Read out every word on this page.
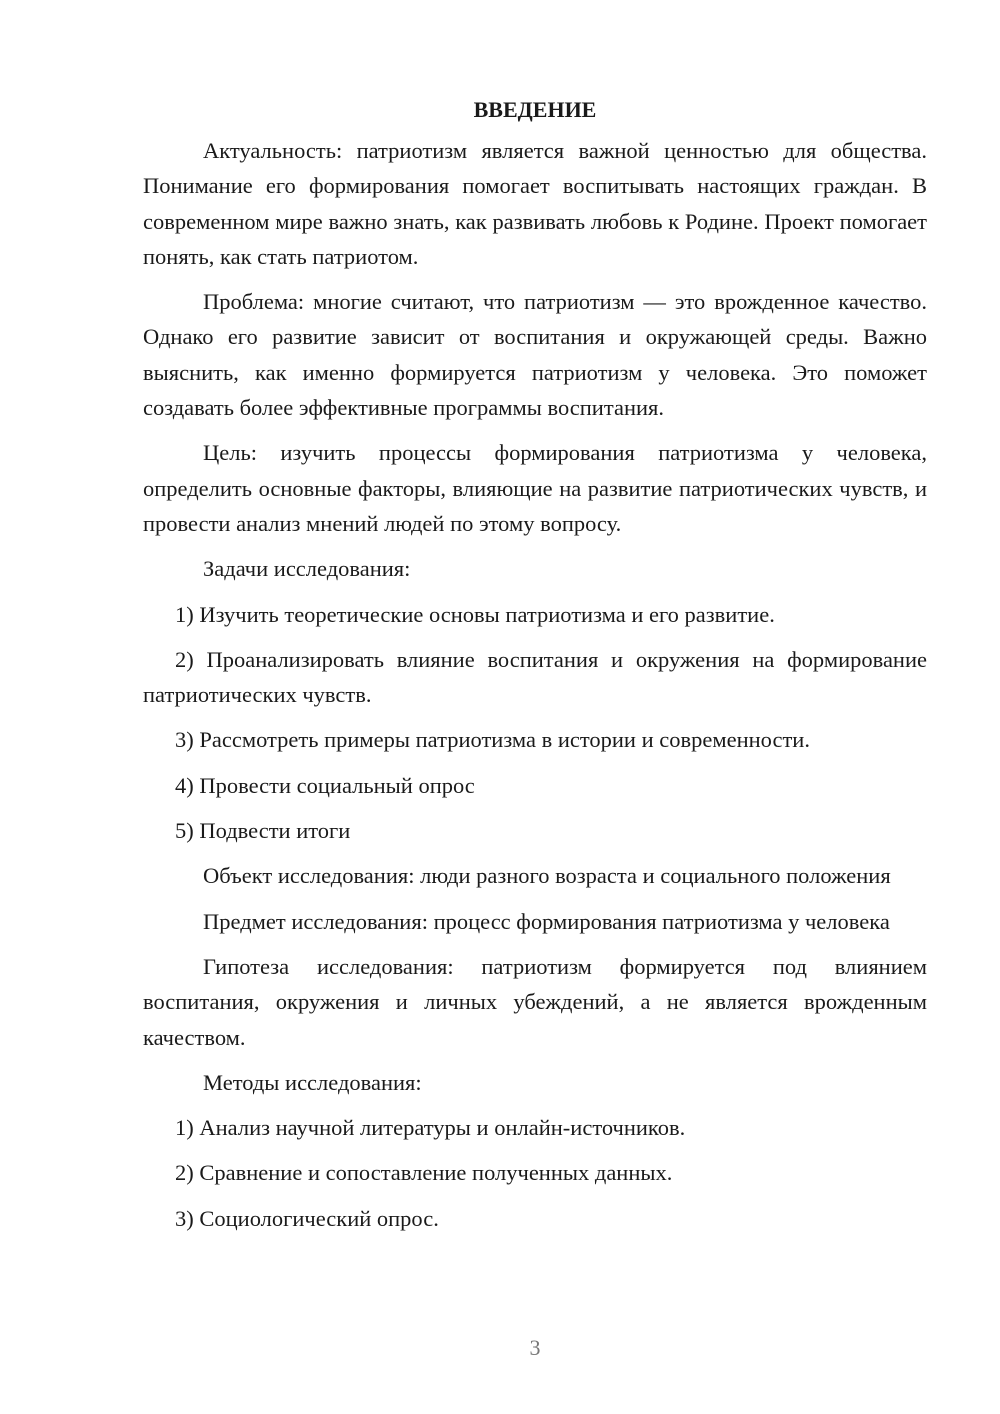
ВВЕДЕНИЕ

Актуальность: патриотизм является важной ценностью для общества. Понимание его формирования помогает воспитывать настоящих граждан. В современном мире важно знать, как развивать любовь к Родине. Проект помогает понять, как стать патриотом.

Проблема: многие считают, что патриотизм — это врожденное качество. Однако его развитие зависит от воспитания и окружающей среды. Важно выяснить, как именно формируется патриотизм у человека. Это поможет создавать более эффективные программы воспитания.

Цель: изучить процессы формирования патриотизма у человека, определить основные факторы, влияющие на развитие патриотических чувств, и провести анализ мнений людей по этому вопросу.

Задачи исследования:

1) Изучить теоретические основы патриотизма и его развитие.

2) Проанализировать влияние воспитания и окружения на формирование патриотических чувств.

3) Рассмотреть примеры патриотизма в истории и современности.

4) Провести социальный опрос

5) Подвести итоги

Объект исследования: люди разного возраста и социального положения

Предмет исследования: процесс формирования патриотизма у человека

Гипотеза исследования: патриотизм формируется под влиянием воспитания, окружения и личных убеждений, а не является врожденным качеством.

Методы исследования:

1) Анализ научной литературы и онлайн-источников.

2) Сравнение и сопоставление полученных данных.

3) Социологический опрос.

3
